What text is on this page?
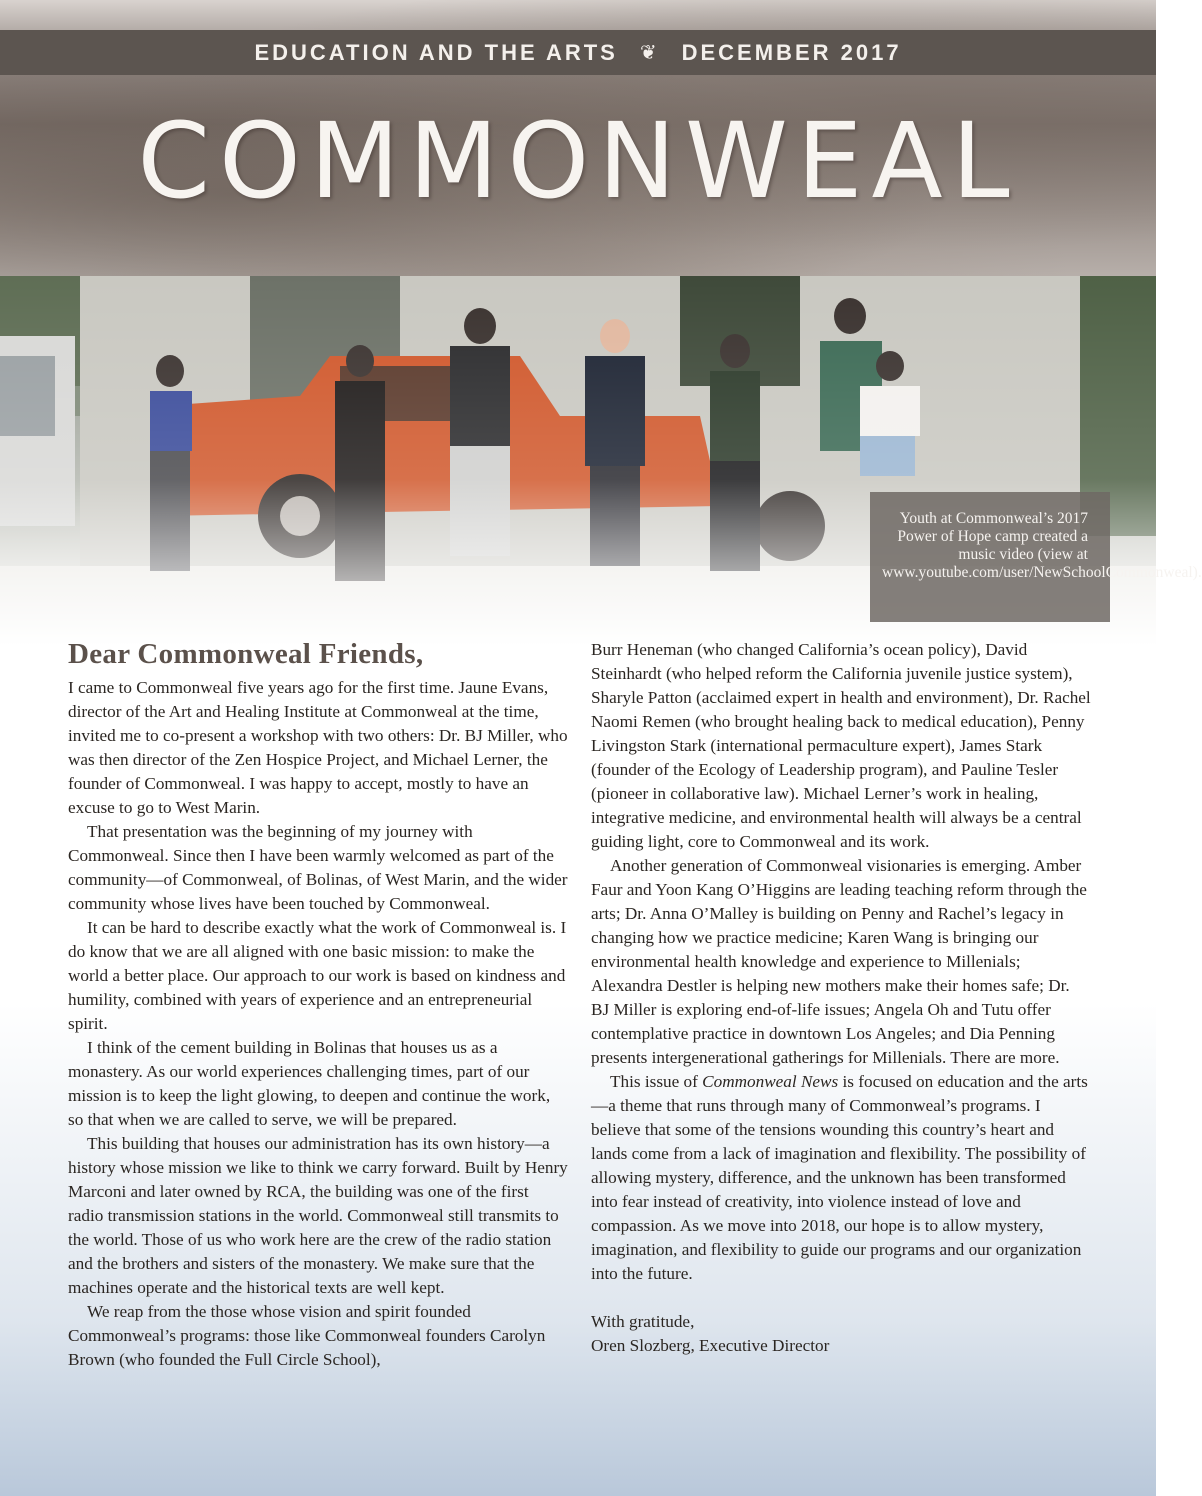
EDUCATION AND THE ARTS ❦ DECEMBER 2017
COMMONWEAL
Youth at Commonweal’s 2017 Power of Hope camp created a music video (view at www.youtube.com/user/NewSchoolCommonweal).
Dear Commonweal Friends,

I came to Commonweal five years ago for the first time. Jaune Evans, director of the Art and Healing Institute at Commonweal at the time, invited me to co-present a workshop with two others: Dr. BJ Miller, who was then director of the Zen Hospice Project, and Michael Lerner, the founder of Commonweal. I was happy to accept, mostly to have an excuse to go to West Marin.

That presentation was the beginning of my journey with Commonweal. Since then I have been warmly welcomed as part of the community—of Commonweal, of Bolinas, of West Marin, and the wider community whose lives have been touched by Commonweal.

It can be hard to describe exactly what the work of Commonweal is. I do know that we are all aligned with one basic mission: to make the world a better place. Our approach to our work is based on kindness and humility, combined with years of experience and an entrepreneurial spirit.

I think of the cement building in Bolinas that houses us as a monastery. As our world experiences challenging times, part of our mission is to keep the light glowing, to deepen and continue the work, so that when we are called to serve, we will be prepared.

This building that houses our administration has its own history—a history whose mission we like to think we carry forward. Built by Henry Marconi and later owned by RCA, the building was one of the first radio transmission stations in the world. Commonweal still transmits to the world. Those of us who work here are the crew of the radio station and the brothers and sisters of the monastery. We make sure that the machines operate and the historical texts are well kept.

We reap from the those whose vision and spirit founded Commonweal’s programs: those like Commonweal founders Carolyn Brown (who founded the Full Circle School),

Burr Heneman (who changed California’s ocean policy), David Steinhardt (who helped reform the California juvenile justice system), Sharyle Patton (acclaimed expert in health and environment), Dr. Rachel Naomi Remen (who brought healing back to medical education), Penny Livingston Stark (international permaculture expert), James Stark (founder of the Ecology of Leadership program), and Pauline Tesler (pioneer in collaborative law). Michael Lerner’s work in healing, integrative medicine, and environmental health will always be a central guiding light, core to Commonweal and its work.

Another generation of Commonweal visionaries is emerging. Amber Faur and Yoon Kang O’Higgins are leading teaching reform through the arts; Dr. Anna O’Malley is building on Penny and Rachel’s legacy in changing how we practice medicine; Karen Wang is bringing our environmental health knowledge and experience to Millenials; Alexandra Destler is helping new mothers make their homes safe; Dr. BJ Miller is exploring end-of-life issues; Angela Oh and Tutu offer contemplative practice in downtown Los Angeles; and Dia Penning presents intergenerational gatherings for Millenials. There are more.

This issue of Commonweal News is focused on education and the arts—a theme that runs through many of Commonweal’s programs. I believe that some of the tensions wounding this country’s heart and lands come from a lack of imagination and flexibility. The possibility of allowing mystery, difference, and the unknown has been transformed into fear instead of creativity, into violence instead of love and compassion. As we move into 2018, our hope is to allow mystery, imagination, and flexibility to guide our programs and our organization into the future.

With gratitude,
Oren Slozberg, Executive Director
